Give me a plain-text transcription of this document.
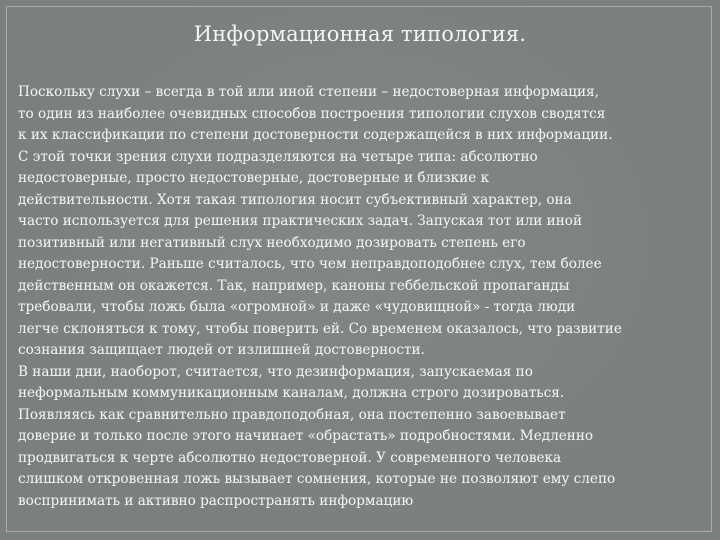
Информационная типология.
Поскольку слухи – всегда в той или иной степени – недостоверная информация,
то один из наиболее очевидных способов построения типологии слухов сводятся
к их классификации по степени достоверности содержащейся в них информации.
С этой точки зрения слухи подразделяются на четыре типа: абсолютно
недостоверные, просто недостоверные, достоверные и близкие к
действительности. Хотя такая типология носит субъективный характер, она
часто используется для решения практических задач. Запуская тот или иной
позитивный или негативный слух необходимо дозировать степень его
недостоверности. Раньше считалось, что чем неправдоподобнее слух, тем более
действенным он окажется. Так, например, каноны геббельской пропаганды
требовали, чтобы ложь была «огромной» и даже «чудовищной» - тогда люди
легче склоняться к тому, чтобы поверить ей. Со временем оказалось, что развитие
сознания защищает людей от излишней достоверности.
В наши дни, наоборот, считается, что дезинформация, запускаемая по
неформальным коммуникационным каналам, должна строго дозироваться.
Появляясь как сравнительно правдоподобная, она постепенно завоевывает
доверие и только после этого начинает «обрастать» подробностями. Медленно
продвигаться к черте абсолютно недостоверной. У современного человека
слишком откровенная ложь вызывает сомнения, которые не позволяют ему слепо
воспринимать и активно распространять информацию
